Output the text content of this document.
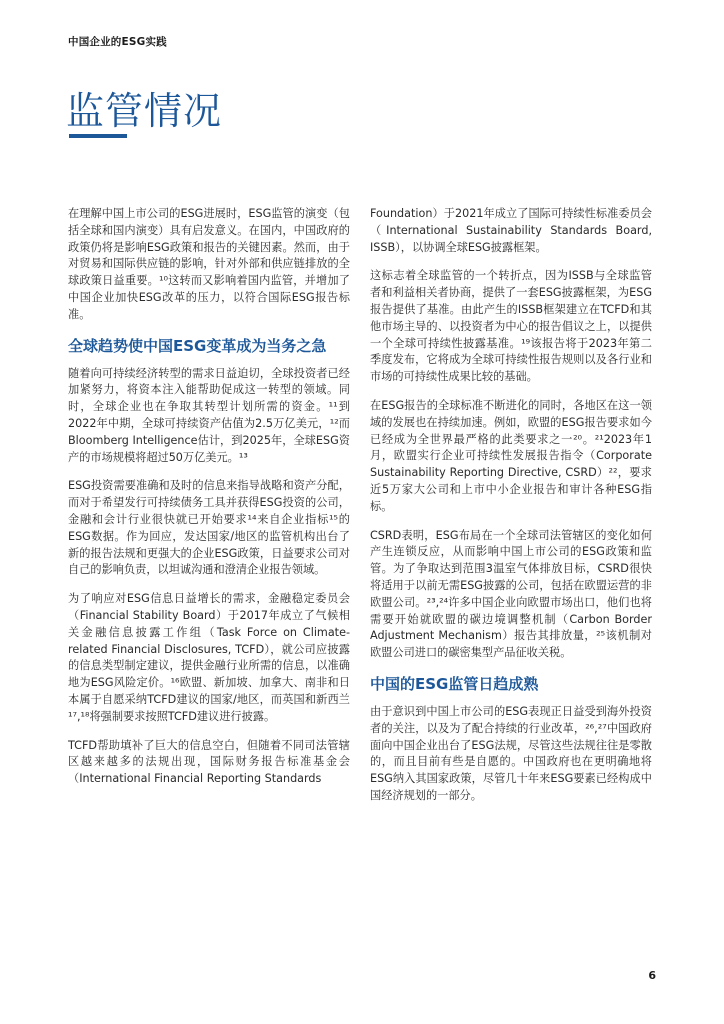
中国企业的ESG实践
监管情况

在理解中国上市公司的ESG进展时，ESG监管的演变（包括全球和国内演变）具有启发意义。在国内，中国政府的政策仍将是影响ESG政策和报告的关键因素。然而，由于对贸易和国际供应链的影响，针对外部和供应链排放的全球政策日益重要。¹⁰这转而又影响着国内监管，并增加了中国企业加快ESG改革的压力，以符合国际ESG报告标准。

全球趋势使中国ESG变革成为当务之急

随着向可持续经济转型的需求日益迫切，全球投资者已经加紧努力，将资本注入能帮助促成这一转型的领域。同时，全球企业也在争取其转型计划所需的资金。¹¹到2022年中期，全球可持续资产估值为2.5万亿美元，¹²而Bloomberg Intelligence估计，到2025年，全球ESG资产的市场规模将超过50万亿美元。¹³

ESG投资需要准确和及时的信息来指导战略和资产分配，而对于希望发行可持续债务工具并获得ESG投资的公司，金融和会计行业很快就已开始要求¹⁴来自企业指标¹⁵的ESG数据。作为回应，发达国家/地区的监管机构出台了新的报告法规和更强大的企业ESG政策，日益要求公司对自己的影响负责，以坦诚沟通和澄清企业报告领域。

为了响应对ESG信息日益增长的需求，金融稳定委员会（Financial Stability Board）于2017年成立了气候相关金融信息披露工作组（Task Force on Climate-related Financial Disclosures, TCFD），就公司应披露的信息类型制定建议，提供金融行业所需的信息，以准确地为ESG风险定价。¹⁶欧盟、新加坡、加拿大、南非和日本属于自愿采纳TCFD建议的国家/地区，而英国和新西兰¹⁷,¹⁸将强制要求按照TCFD建议进行披露。

TCFD帮助填补了巨大的信息空白，但随着不同司法管辖区越来越多的法规出现，国际财务报告标准基金会（International Financial Reporting Standards

Foundation）于2021年成立了国际可持续性标准委员会（International Sustainability Standards Board, ISSB），以协调全球ESG披露框架。

这标志着全球监管的一个转折点，因为ISSB与全球监管者和利益相关者协商，提供了一套ESG披露框架，为ESG报告提供了基准。由此产生的ISSB框架建立在TCFD和其他市场主导的、以投资者为中心的报告倡议之上，以提供一个全球可持续性披露基准。¹⁹该报告将于2023年第二季度发布，它将成为全球可持续性报告规则以及各行业和市场的可持续性成果比较的基础。

在ESG报告的全球标准不断进化的同时，各地区在这一领域的发展也在持续加速。例如，欧盟的ESG报告要求如今已经成为全世界最严格的此类要求之一²⁰。²¹2023年1月，欧盟实行企业可持续性发展报告指令（Corporate Sustainability Reporting Directive, CSRD）²²，要求近5万家大公司和上市中小企业报告和审计各种ESG指标。

CSRD表明，ESG布局在一个全球司法管辖区的变化如何产生连锁反应，从而影响中国上市公司的ESG政策和监管。为了争取达到范围3温室气体排放目标，CSRD很快将适用于以前无需ESG披露的公司，包括在欧盟运营的非欧盟公司。²³,²⁴许多中国企业向欧盟市场出口，他们也将需要开始就欧盟的碳边境调整机制（Carbon Border Adjustment Mechanism）报告其排放量，²⁵该机制对欧盟公司进口的碳密集型产品征收关税。

中国的ESG监管日趋成熟

由于意识到中国上市公司的ESG表现正日益受到海外投资者的关注，以及为了配合持续的行业改革，²⁶,²⁷中国政府面向中国企业出台了ESG法规，尽管这些法规往往是零散的，而且目前有些是自愿的。中国政府也在更明确地将ESG纳入其国家政策，尽管几十年来ESG要素已经构成中国经济规划的一部分。

6
